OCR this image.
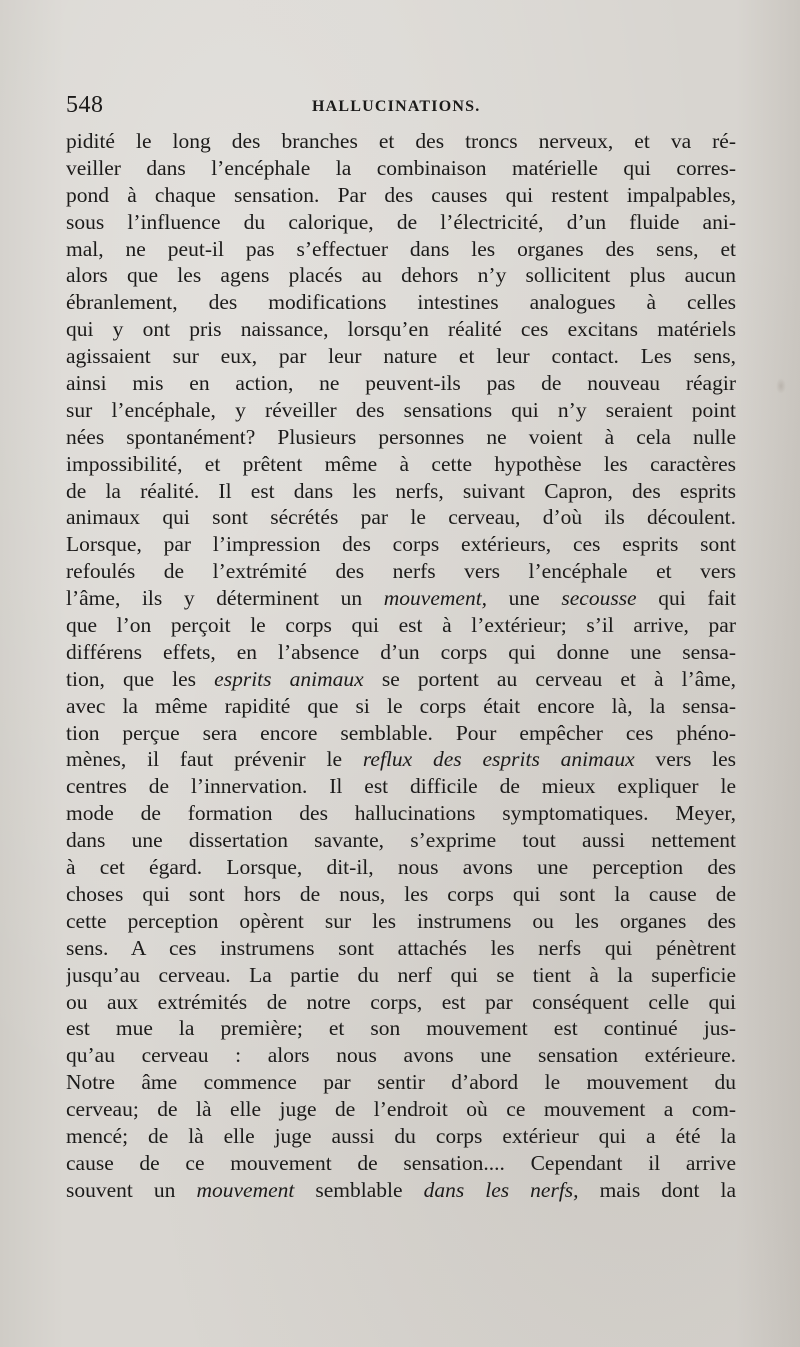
548	HALLUCINATIONS.
pidité le long des branches et des troncs nerveux, et va ré-
veiller dans l’encéphale la combinaison matérielle qui corres-
pond à chaque sensation. Par des causes qui restent impalpables,
sous l’influence du calorique, de l’électricité, d’un fluide ani-
mal, ne peut-il pas s’effectuer dans les organes des sens, et
alors que les agens placés au dehors n’y sollicitent plus aucun
ébranlement, des modifications intestines analogues à celles
qui y ont pris naissance, lorsqu’en réalité ces excitans matériels
agissaient sur eux, par leur nature et leur contact. Les sens,
ainsi mis en action, ne peuvent-ils pas de nouveau réagir
sur l’encéphale, y réveiller des sensations qui n’y seraient point
nées spontanément? Plusieurs personnes ne voient à cela nulle
impossibilité, et prêtent même à cette hypothèse les caractères
de la réalité. Il est dans les nerfs, suivant Capron, des esprits
animaux qui sont sécrétés par le cerveau, d’où ils découlent.
Lorsque, par l’impression des corps extérieurs, ces esprits sont
refoulés de l’extrémité des nerfs vers l’encéphale et vers
l’âme, ils y déterminent un mouvement, une secousse qui fait
que l’on perçoit le corps qui est à l’extérieur; s’il arrive, par
différens effets, en l’absence d’un corps qui donne une sensa-
tion, que les esprits animaux se portent au cerveau et à l’âme,
avec la même rapidité que si le corps était encore là, la sensa-
tion perçue sera encore semblable. Pour empêcher ces phéno-
mènes, il faut prévenir le reflux des esprits animaux vers les
centres de l’innervation. Il est difficile de mieux expliquer le
mode de formation des hallucinations symptomatiques. Meyer,
dans une dissertation savante, s’exprime tout aussi nettement
à cet égard. Lorsque, dit-il, nous avons une perception des
choses qui sont hors de nous, les corps qui sont la cause de
cette perception opèrent sur les instrumens ou les organes des
sens. A ces instrumens sont attachés les nerfs qui pénètrent
jusqu’au cerveau. La partie du nerf qui se tient à la superficie
ou aux extrémités de notre corps, est par conséquent celle qui
est mue la première; et son mouvement est continué jus-
qu’au cerveau : alors nous avons une sensation extérieure.
Notre âme commence par sentir d’abord le mouvement du
cerveau; de là elle juge de l’endroit où ce mouvement a com-
mencé; de là elle juge aussi du corps extérieur qui a été la
cause de ce mouvement de sensation.... Cependant il arrive
souvent un mouvement semblable dans les nerfs, mais dont la
